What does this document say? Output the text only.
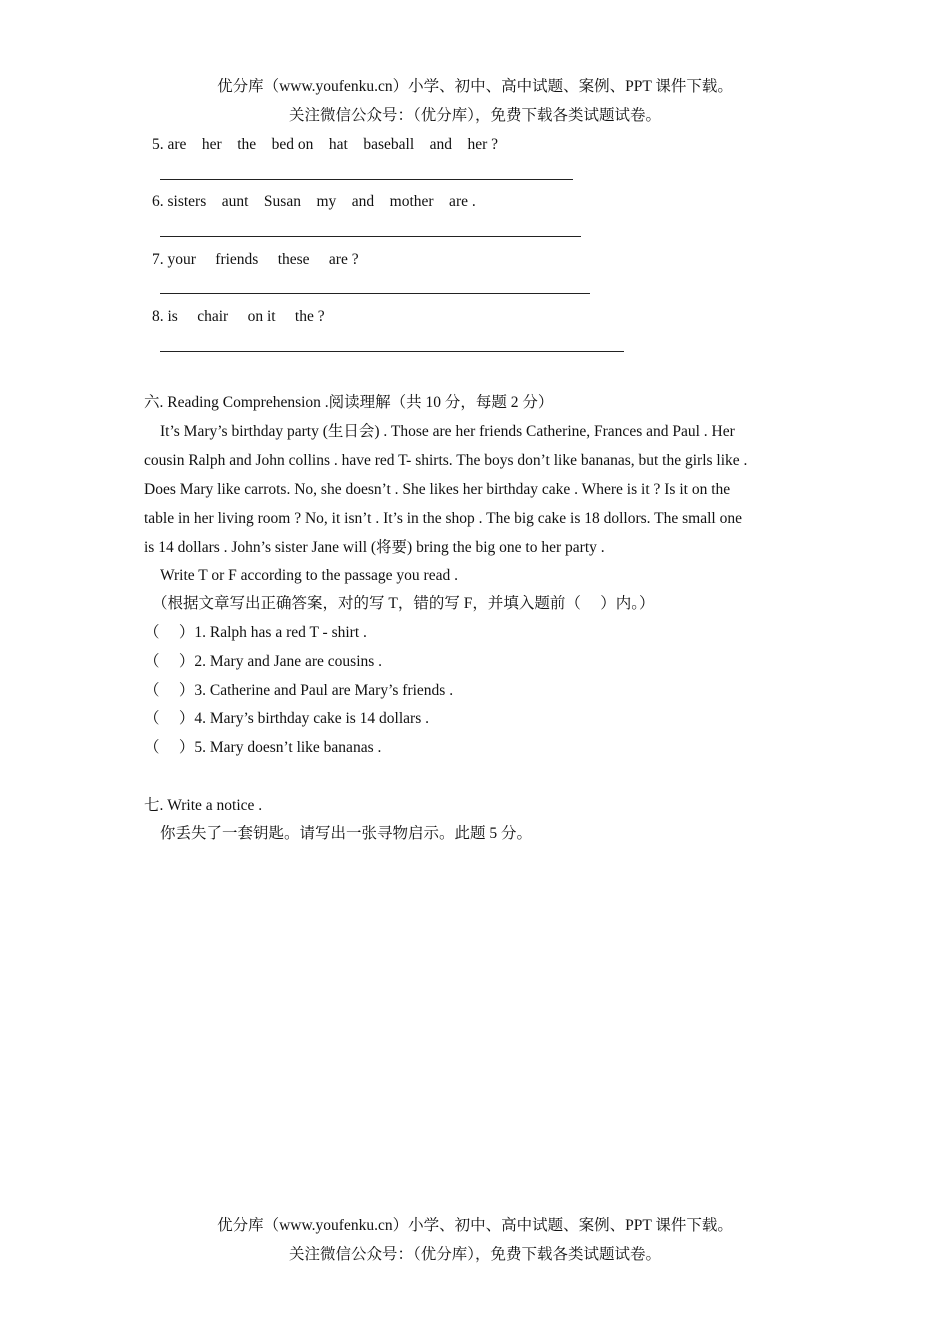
优分库（www.youfenku.cn）小学、初中、高中试题、案例、PPT 课件下载。
关注微信公众号：（优分库），免费下载各类试题试卷。
5. are    her    the    bed on    hat    baseball    and    her ?
6. sisters    aunt    Susan    my    and    mother    are .
7. your     friends     these     are ?
8. is     chair     on it     the ?
六. Reading Comprehension .阅读理解（共 10 分，每题 2 分）
It’s Mary’s birthday party (生日会) . Those are her friends Catherine, Frances and Paul . Her
cousin Ralph and John collins . have red T- shirts. The boys don’t like bananas, but the girls like .
Does Mary like carrots. No, she doesn’t . She likes her birthday cake . Where is it ? Is it on the
table in her living room ? No, it isn’t . It’s in the shop . The big cake is 18 dollors. The small one
is 14 dollars . John’s sister Jane will (将要) bring the big one to her party .
Write T or F according to the passage you read .
（根据文章写出正确答案，对的写 T，错的写 F，并填入题前（     ）内。）
（     ）1. Ralph has a red T - shirt .
（     ）2. Mary and Jane are cousins .
（     ）3. Catherine and Paul are Mary’s friends .
（     ）4. Mary’s birthday cake is 14 dollars .
（     ）5. Mary doesn’t like bananas .
七. Write a notice .
你丢失了一套钥匙。请写出一张寻物启示。此题 5 分。
优分库（www.youfenku.cn）小学、初中、高中试题、案例、PPT 课件下载。
关注微信公众号：（优分库），免费下载各类试题试卷。
